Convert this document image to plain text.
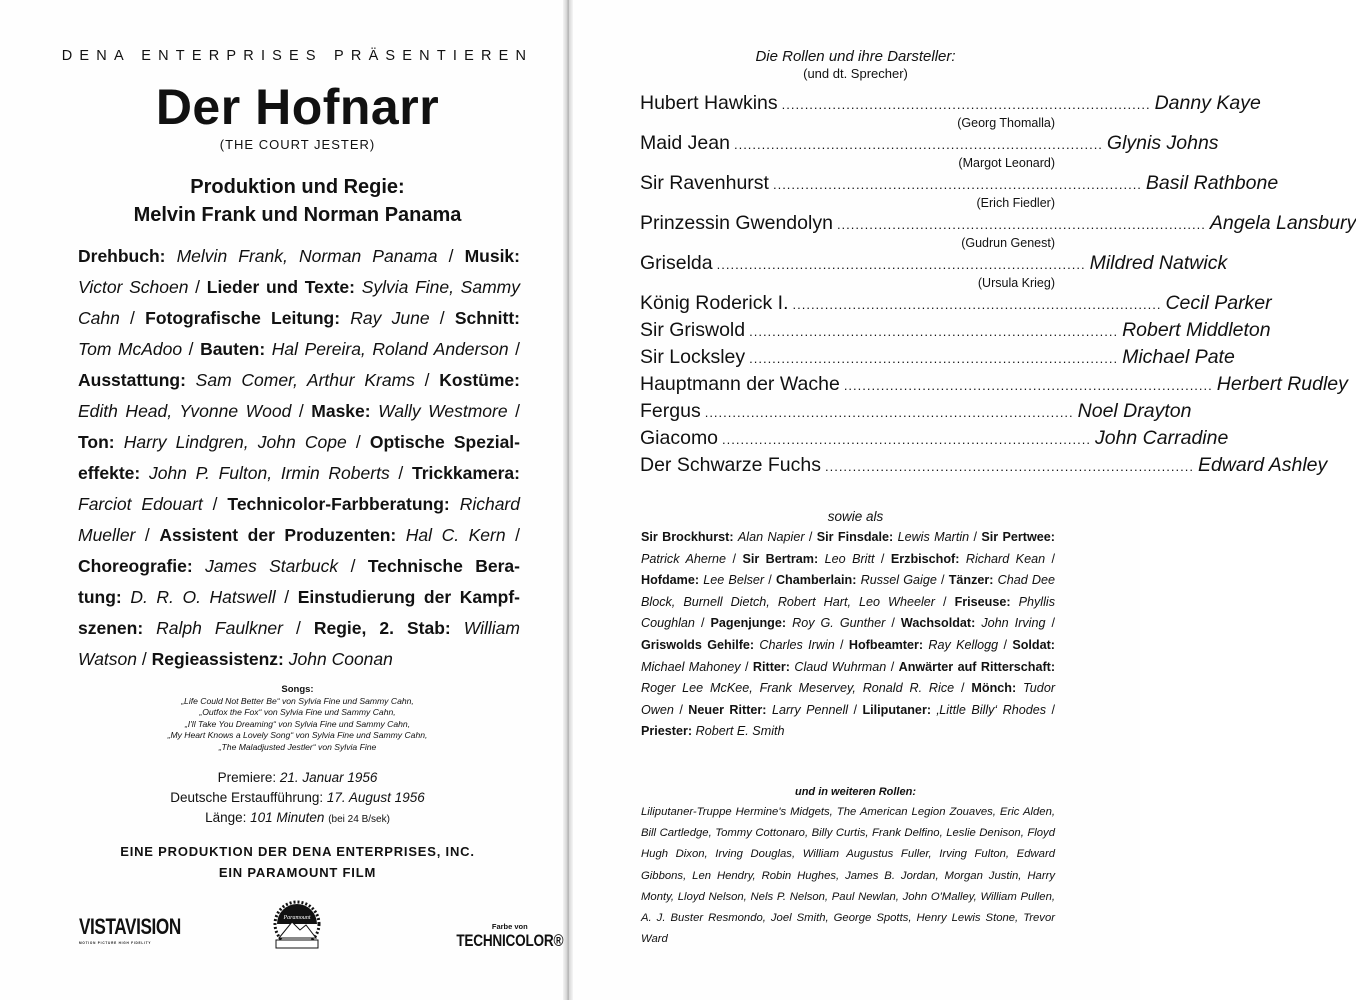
DENA ENTERPRISES PRÄSENTIEREN
Der Hofnarr
(THE COURT JESTER)
Produktion und Regie:
Melvin Frank und Norman Panama
Drehbuch: Melvin Frank, Norman Panama / Musik: Victor Schoen / Lieder und Texte: Sylvia Fine, Sammy Cahn / Fotografische Leitung: Ray June / Schnitt: Tom McAdoo / Bauten: Hal Pereira, Roland Anderson / Ausstattung: Sam Comer, Arthur Krams / Kostüme: Edith Head, Yvonne Wood / Maske: Wally Westmore / Ton: Harry Lindgren, John Cope / Optische Spezialeffekte: John P. Fulton, Irmin Roberts / Trickkamera: Farciot Edouart / Technicolor-Farbberatung: Richard Mueller / Assistent der Produzenten: Hal C. Kern / Choreografie: James Starbuck / Technische Beratung: D. R. O. Hatswell / Einstudierung der Kampfszenen: Ralph Faulkner / Regie, 2. Stab: William Watson / Regieassistenz: John Coonan
Songs:
„Life Could Not Better Be“ von Sylvia Fine und Sammy Cahn,
„Outfox the Fox“ von Sylvia Fine und Sammy Cahn,
„I'll Take You Dreaming“ von Sylvia Fine und Sammy Cahn,
„My Heart Knows a Lovely Song“ von Sylvia Fine und Sammy Cahn,
„The Maladjusted Jestler“ von Sylvia Fine
Premiere: 21. Januar 1956
Deutsche Erstaufführung: 17. August 1956
Länge: 101 Minuten (bei 24 B/sek)
EINE PRODUKTION DER DENA ENTERPRISES, INC.
EIN PARAMOUNT FILM
VISTAVISION
MOTION PICTURE HIGH FIDELITY
Paramount
Farbe von
TECHNICOLOR®
Die Rollen und ihre Darsteller:
(und dt. Sprecher)
Hubert Hawkins ................................................................................ Danny Kaye
(Georg Thomalla)
Maid Jean ................................................................................ Glynis Johns
(Margot Leonard)
Sir Ravenhurst ................................................................................ Basil Rathbone
(Erich Fiedler)
Prinzessin Gwendolyn ................................................................................ Angela Lansbury
(Gudrun Genest)
Griselda ................................................................................ Mildred Natwick
(Ursula Krieg)
König Roderick I. ................................................................................ Cecil Parker
Sir Griswold ................................................................................ Robert Middleton
Sir Locksley ................................................................................ Michael Pate
Hauptmann der Wache ................................................................................ Herbert Rudley
Fergus ................................................................................ Noel Drayton
Giacomo ................................................................................ John Carradine
Der Schwarze Fuchs ................................................................................ Edward Ashley
sowie als
Sir Brockhurst: Alan Napier / Sir Finsdale: Lewis Martin / Sir Pertwee: Patrick Aherne / Sir Bertram: Leo Britt / Erzbischof: Richard Kean / Hofdame: Lee Belser / Chamberlain: Russel Gaige / Tänzer: Chad Dee Block, Burnell Dietch, Robert Hart, Leo Wheeler / Friseuse: Phyllis Coughlan / Pagenjunge: Roy G. Gunther / Wachsoldat: John Irving / Griswolds Gehilfe: Charles Irwin / Hofbeamter: Ray Kellogg / Soldat: Michael Mahoney / Ritter: Claud Wuhrman / Anwärter auf Ritterschaft: Roger Lee McKee, Frank Meservey, Ronald R. Rice / Mönch: Tudor Owen / Neuer Ritter: Larry Pennell / Liliputaner: ‚Little Billy‘ Rhodes / Priester: Robert E. Smith
und in weiteren Rollen:
Liliputaner-Truppe Hermine's Midgets, The American Legion Zouaves, Eric Alden, Bill Cartledge, Tommy Cottonaro, Billy Curtis, Frank Delfino, Leslie Denison, Floyd Hugh Dixon, Irving Douglas, William Augustus Fuller, Irving Fulton, Edward Gibbons, Len Hendry, Robin Hughes, James B. Jordan, Morgan Justin, Harry Monty, Lloyd Nelson, Nels P. Nelson, Paul Newlan, John O'Malley, William Pullen, A. J. Buster Resmondo, Joel Smith, George Spotts, Henry Lewis Stone, Trevor Ward
